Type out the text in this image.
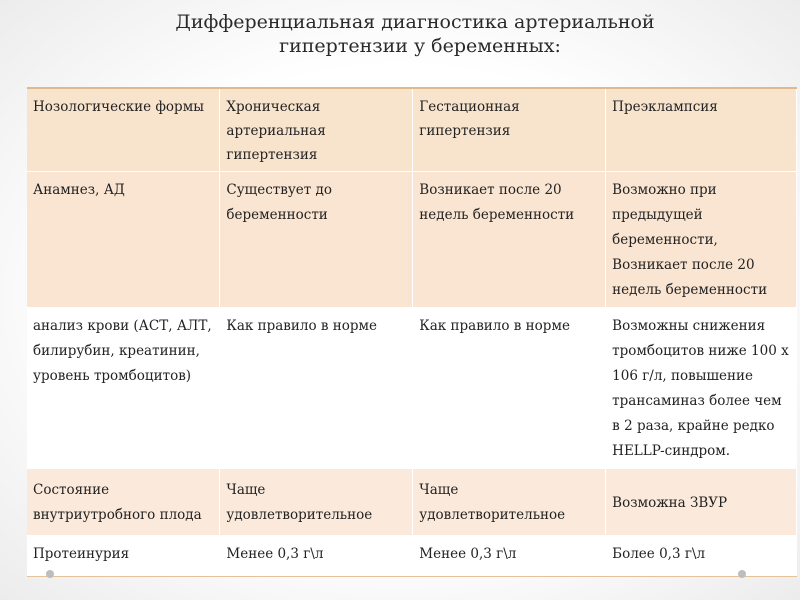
Дифференциальная диагностика артериальной
гипертензии у беременных:
Нозологические формы	Хроническая артериальная гипертензия	Гестационная гипертензия	Преэклампсия
Анамнез, АД	Существует до беременности	Возникает после 20 недель беременности	Возможно при предыдущей беременности, Возникает после 20 недель беременности
анализ крови (АСТ, АЛТ, билирубин, креатинин, уровень тромбоцитов)	Как правило в норме	Как правило в норме	Возможны снижения тромбоцитов ниже 100 х 106 г/л, повышение трансаминаз более чем в 2 раза, крайне редко HELLP-синдром.
Состояние внутриутробного плода	Чаще удовлетворительное	Чаще удовлетворительное	Возможна ЗВУР
Протеинурия	Менее 0,3 г\л	Менее 0,3 г\л	Более 0,3 г\л
